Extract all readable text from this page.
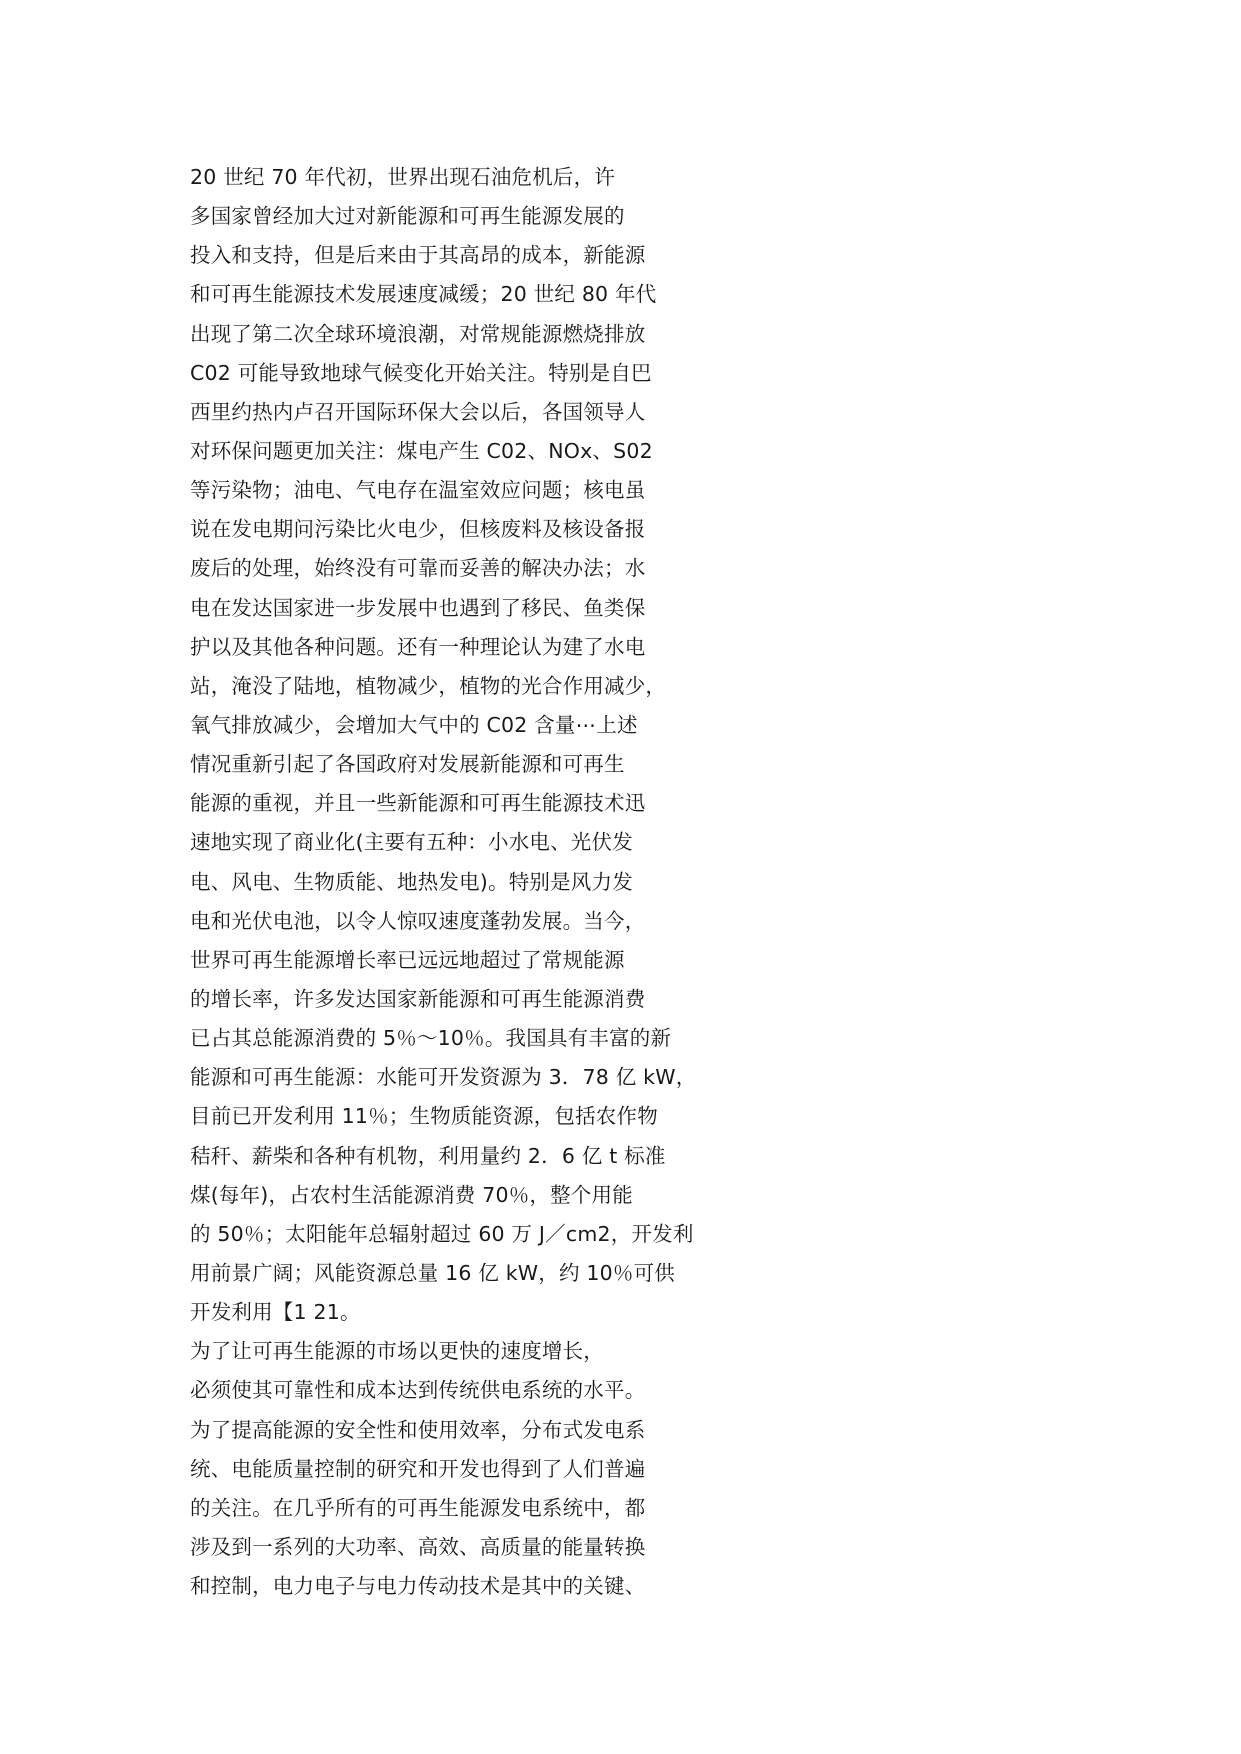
20 世纪 70 年代初，世界出现石油危机后，许
多国家曾经加大过对新能源和可再生能源发展的
投入和支持，但是后来由于其高昂的成本，新能源
和可再生能源技术发展速度减缓；20 世纪 80 年代
出现了第二次全球环境浪潮，对常规能源燃烧排放
C02 可能导致地球气候变化开始关注。特别是自巴
西里约热内卢召开国际环保大会以后，各国领导人
对环保问题更加关注：煤电产生 C02、NOx、S02
等污染物；油电、气电存在温室效应问题；核电虽
说在发电期问污染比火电少，但核废料及核设备报
废后的处理，始终没有可靠而妥善的解决办法；水
电在发达国家进一步发展中也遇到了移民、鱼类保
护以及其他各种问题。还有一种理论认为建了水电
站，淹没了陆地，植物减少，植物的光合作用减少，
氧气排放减少，会增加大气中的 C02 含量⋯上述
情况重新引起了各国政府对发展新能源和可再生
能源的重视，并且一些新能源和可再生能源技术迅
速地实现了商业化(主要有五种：小水电、光伏发
电、风电、生物质能、地热发电)。特别是风力发
电和光伏电池，以令人惊叹速度蓬勃发展。当今，
世界可再生能源增长率已远远地超过了常规能源
的增长率，许多发达国家新能源和可再生能源消费
已占其总能源消费的 5％～10％。我国具有丰富的新
能源和可再生能源：水能可开发资源为 3．78 亿 kW，
目前已开发利用 11％；生物质能资源，包括农作物
秸秆、薪柴和各种有机物，利用量约 2．6 亿 t 标准
煤(每年)，占农村生活能源消费 70％，整个用能
的 50％；太阳能年总辐射超过 60 万 J／cm2，开发利
用前景广阔；风能资源总量 16 亿 kW，约 10％可供
开发利用【1 21。
为了让可再生能源的市场以更快的速度增长，
必须使其可靠性和成本达到传统供电系统的水平。
为了提高能源的安全性和使用效率，分布式发电系
统、电能质量控制的研究和开发也得到了人们普遍
的关注。在几乎所有的可再生能源发电系统中，都
涉及到一系列的大功率、高效、高质量的能量转换
和控制，电力电子与电力传动技术是其中的关键、
